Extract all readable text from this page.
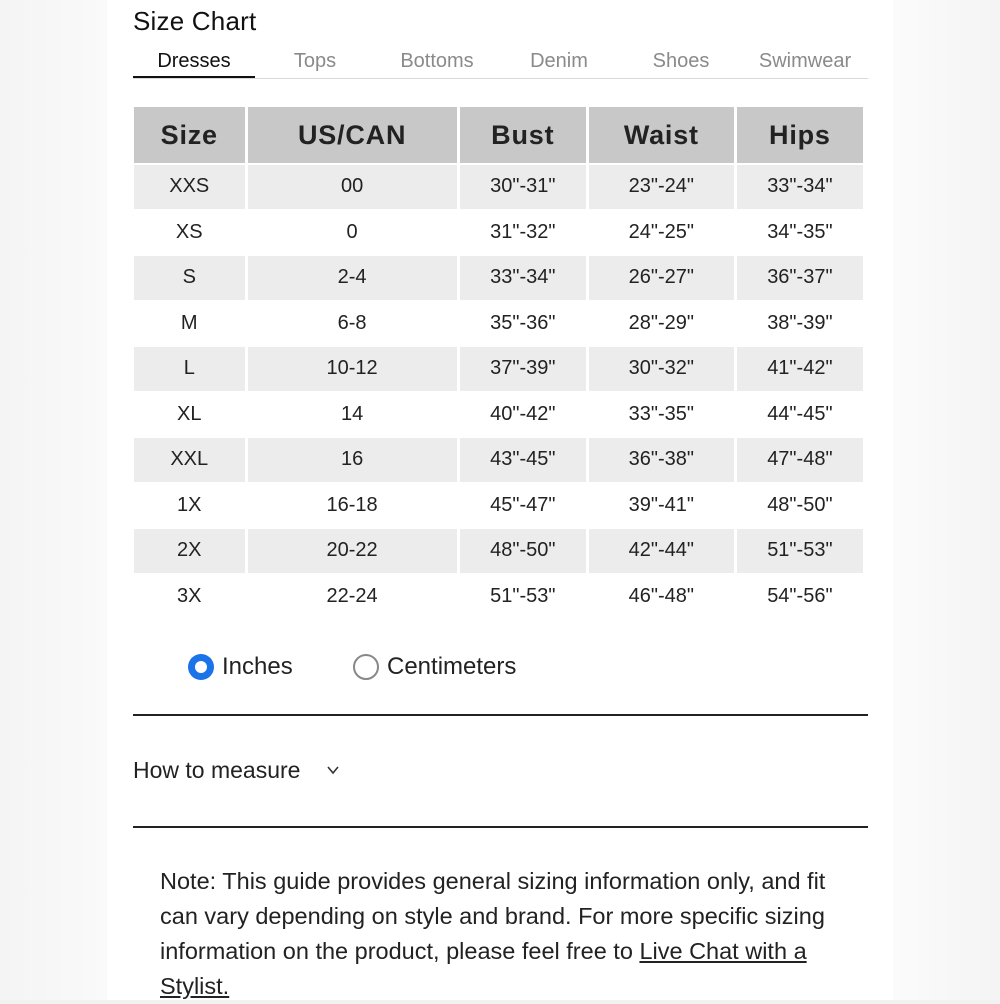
Size Chart
Dresses	Tops	Bottoms	Denim	Shoes	Swimwear
Size	US/CAN	Bust	Waist	Hips
XXS	00	30"-31"	23"-24"	33"-34"
XS	0	31"-32"	24"-25"	34"-35"
S	2-4	33"-34"	26"-27"	36"-37"
M	6-8	35"-36"	28"-29"	38"-39"
L	10-12	37"-39"	30"-32"	41"-42"
XL	14	40"-42"	33"-35"	44"-45"
XXL	16	43"-45"	36"-38"	47"-48"
1X	16-18	45"-47"	39"-41"	48"-50"
2X	20-22	48"-50"	42"-44"	51"-53"
3X	22-24	51"-53"	46"-48"	54"-56"
Inches	Centimeters
How to measure
Note: This guide provides general sizing information only, and fit can vary depending on style and brand. For more specific sizing information on the product, please feel free to Live Chat with a Stylist.
